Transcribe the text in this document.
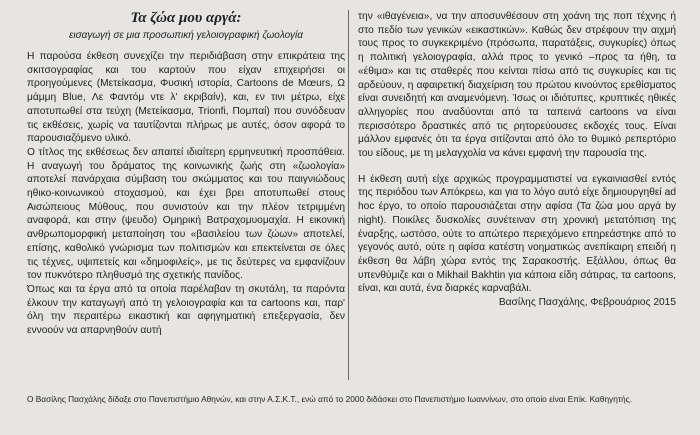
Τα ζώα μου αργά:
εισαγωγή σε μια προσωπική γελοιογραφική ζωολογία

Η παρούσα έκθεση συνεχίζει την περιδιάβαση στην επικράτεια της σκιτσογραφίας και του καρτούν που είχαν επιχειρήσει οι προηγούμενες (Μετείκασμα, Φυσική ιστορία, Cartoons de Mœurs, Ω μάμμη Blue, Λε Φαντόμ ντε λ' εκριβαίν), και, εν τινι μέτρω, είχε αποτυπωθεί στα τεύχη (Μετείκασμα, Trionfi, Πομπαί) που συνόδευαν τις εκθέσεις, χωρίς να ταυτίζονται πλήρως με αυτές, όσον αφορά το παρουσιαζόμενο υλικό.

Ο τίτλος της εκθέσεως δεν απαιτεί ιδιαίτερη ερμηνευτική προσπάθεια. Η αναγωγή του δράματος της κοινωνικής ζωής στη «ζωολογία» αποτελεί πανάρχαια σύμβαση του σκώμματος και του παιγνιώδους ηθικο-κοινωνικού στοχασμού, και έχει βρει αποτυπωθεί στους Αισώπειους Μύθους, που συνιστούν και την πλέον τετριμμένη αναφορά, και στην (ψευδο) Ομηρική Βατραχομυομαχία. Η εικονική ανθρωπομορφική μεταποίηση του «βασιλείου των ζώων» αποτελεί, επίσης, καθολικό γνώρισμα των πολιτισμών και επεκτείνεται σε όλες τις τέχνες, υψιπετείς και «δημοφιλείς», με τις δεύτερες να εμφανίζουν τον πυκνότερο πληθυσμό της σχετικής πανίδος.

Όπως και τα έργα από τα οποία παρέλαβαν τη σκυτάλη, τα παρόντα έλκουν την καταγωγή από τη γελοιογραφία και τα cartoons και, παρ' όλη την περαιτέρω εικαστική και αφηγηματική επεξεργασία, δεν εννοούν να απαρνηθούν αυτή

την «ιθαγένεια», να την αποσυνθέσουν στη χοάνη της ποπ τέχνης ή στο πεδίο των γενικών «εικαστικών». Καθώς δεν στρέφουν την αιχμή τους προς το συγκεκριμένο (πρόσωπα, παρατάξεις, συγκυρίες) όπως η πολιτική γελοιογραφία, αλλά προς το γενικό –προς τα ήθη, τα «έθιμα» και τις σταθερές που κείνται πίσω από τις συγκυρίες και τις αρδεύουν, η αφαιρετική διαχείριση του πρώτου κινούντος ερεθίσματος είναι συνειδητή και αναμενόμενη. Ίσως οι ιδιότυπες, κρυπτικές ηθικές αλληγορίες που αναδύονται από τα ταπεινά cartoons να είναι περισσότερο δραστικές από τις ρητορεύουσες εκδοχές τους. Είναι μάλλον εμφανές ότι τα έργα σιτίζονται από όλο το θυμικό ρεπερτόριο του είδους, με τη μελαγχολία να κάνει εμφανή την παρουσία της.

Η έκθεση αυτή είχε αρχικώς προγραμματιστεί να εγκαινιασθεί εντός της περιόδου των Απόκρεω, και για το λόγο αυτό είχε δημιουργηθεί ad hoc έργο, το οποίο παρουσιάζεται στην αφίσα (Τα ζώα μου αργά by night). Ποικίλες δυσκολίες συνέτειναν στη χρονική μετατόπιση της έναρξης, ωστόσο, ούτε το απώτερο περιεχόμενο επηρεάστηκε από το γεγονός αυτό, ούτε η αφίσα κατέστη νοηματικώς ανεπίκαιρη επειδή η έκθεση θα λάβη χώρα εντός της Σαρακοστής. Εξάλλου, όπως θα υπενθύμιζε και ο Mikhail Bakhtin για κάποια είδη σάτιρας, τα cartoons, είναι, και αυτά, ένα διαρκές καρναβάλι.

Βασίλης Πασχάλης, Φεβρουάριος 2015

Ο Βασίλης Πασχάλης δίδαξε στο Πανεπιστήμιο Αθηνών, και στην Α.Σ.Κ.Τ., ενώ από το 2000 διδάσκει στο Πανεπιστήμιο Ιωαννίνων, στο οποίο είναι Επίκ. Καθηγητής.
